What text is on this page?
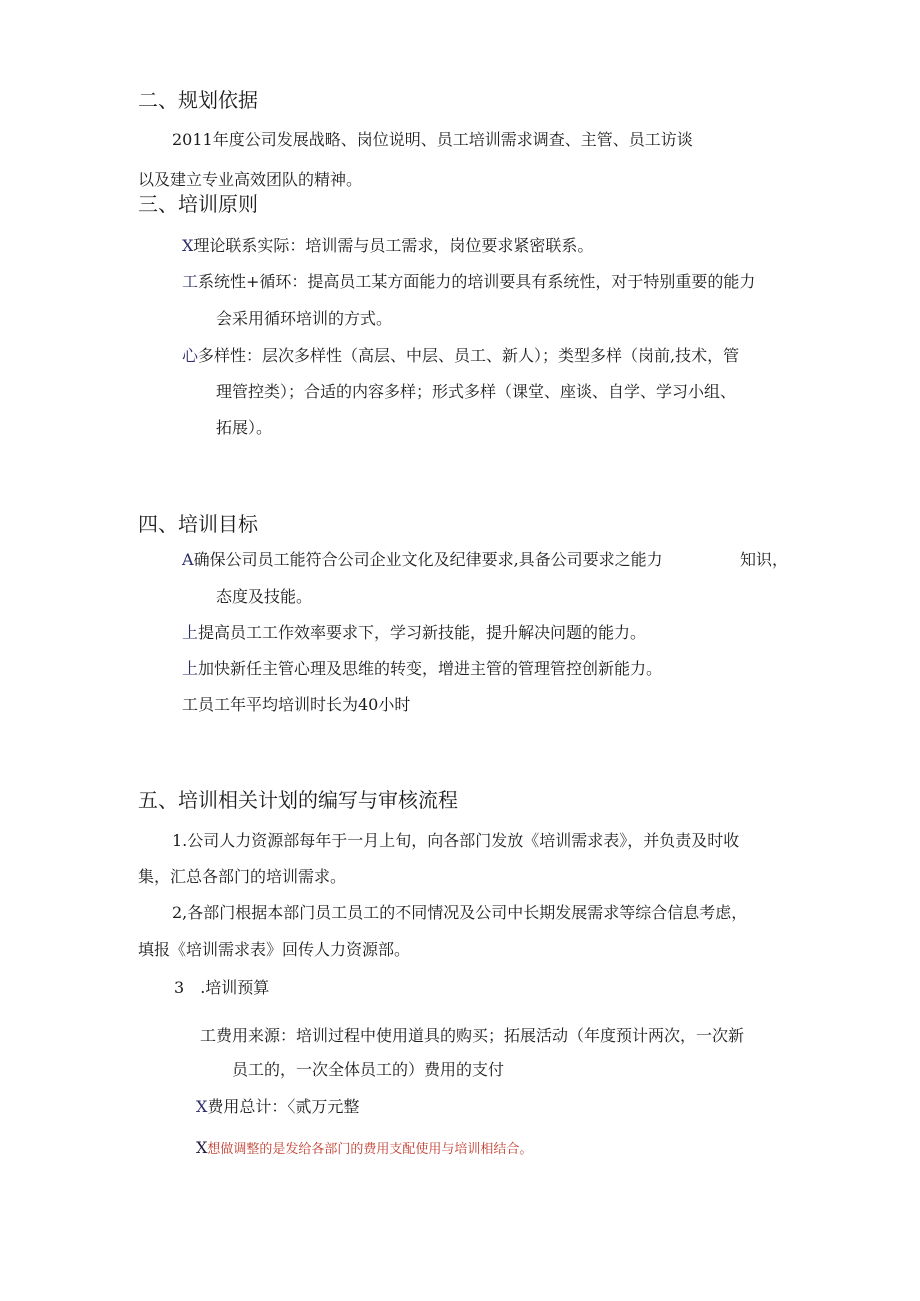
二、规划依据
2011年度公司发展战略、岗位说明、员工培训需求调查、主管、员工访谈
以及建立专业高效团队的精神。
三、培训原则
X理论联系实际：培训需与员工需求，岗位要求紧密联系。
工系统性+循环：提高员工某方面能力的培训要具有系统性，对于特别重要的能力
会采用循环培训的方式。
心多样性：层次多样性（高层、中层、员工、新人）；类型多样（岗前,技术，管
理管控类）；合适的内容多样；形式多样（课堂、座谈、自学、学习小组、
拓展）。
四、培训目标
A确保公司员工能符合公司企业文化及纪律要求,具备公司要求之能力	知识，
态度及技能。
上提高员工工作效率要求下，学习新技能，提升解决问题的能力。
上加快新任主管心理及思维的转变，增进主管的管理管控创新能力。
工员工年平均培训时长为40小时
五、培训相关计划的编写与审核流程
1.公司人力资源部每年于一月上旬，向各部门发放《培训需求表》，并负责及时收
集，汇总各部门的培训需求。
2,各部门根据本部门员工员工的不同情况及公司中长期发展需求等综合信息考虑，
填报《培训需求表》回传人力资源部。
3 .培训预算
工费用来源：培训过程中使用道具的购买；拓展活动（年度预计两次，一次新
员工的，一次全体员工的）费用的支付
X费用总计：〈贰万元整
X想做调整的是发给各部门的费用支配使用与培训相结合。
